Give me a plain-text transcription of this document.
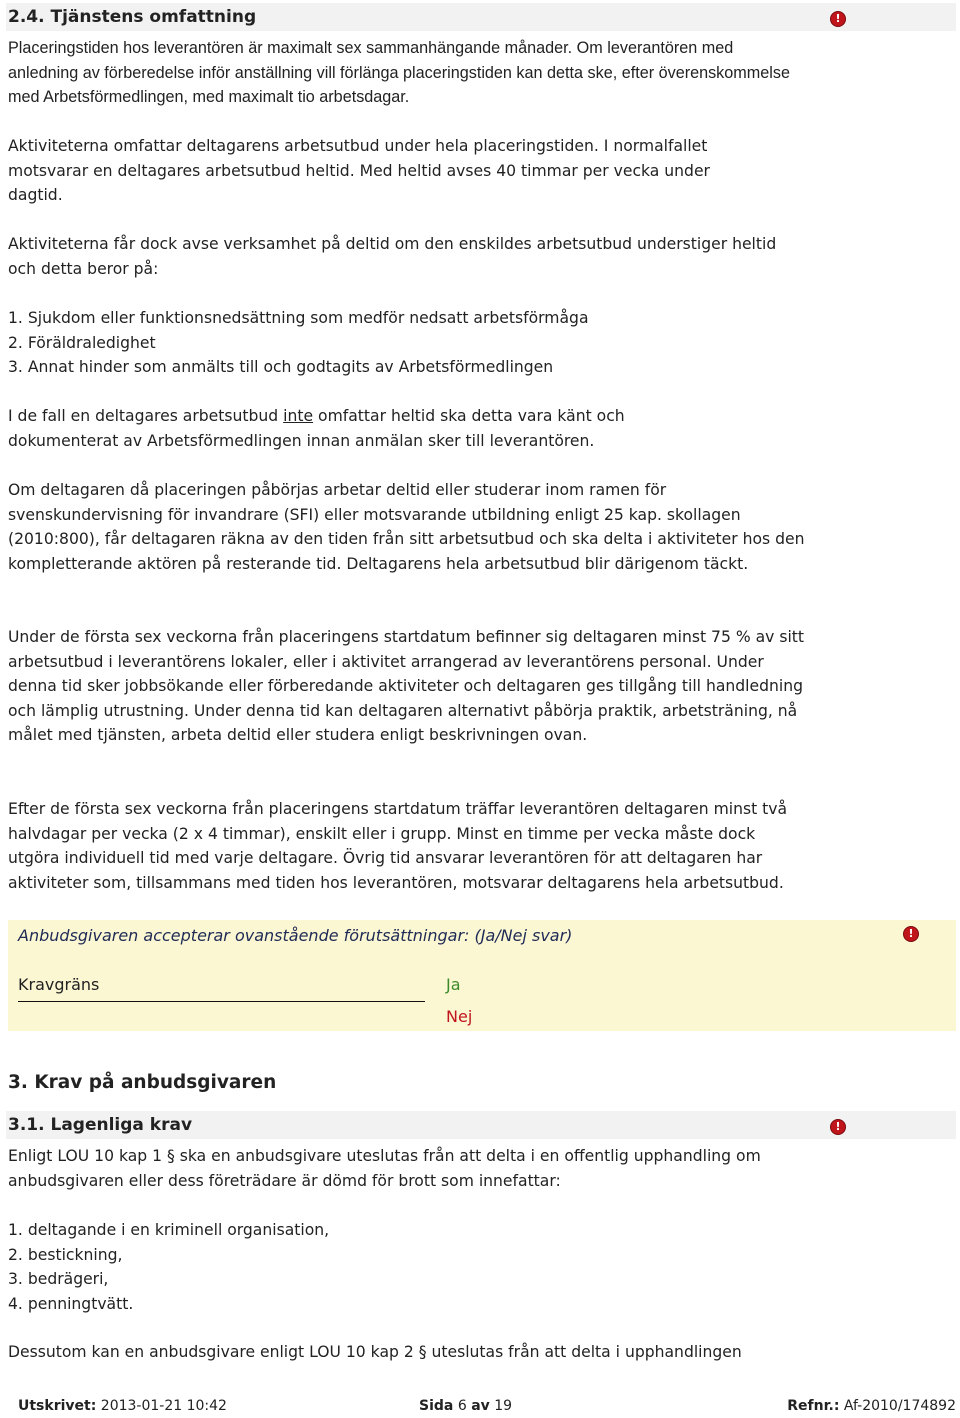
2.4. Tjänstens omfattning	!

Placeringstiden hos leverantören är maximalt sex sammanhängande månader. Om leverantören med anledning av förberedelse inför anställning vill förlänga placeringstiden kan detta ske, efter överenskommelse med Arbetsförmedlingen, med maximalt tio arbetsdagar.

Aktiviteterna omfattar deltagarens arbetsutbud under hela placeringstiden. I normalfallet motsvarar en deltagares arbetsutbud heltid. Med heltid avses 40 timmar per vecka under dagtid.

Aktiviteterna får dock avse verksamhet på deltid om den enskildes arbetsutbud understiger heltid och detta beror på:

1. Sjukdom eller funktionsnedsättning som medför nedsatt arbetsförmåga
2. Föräldraledighet
3. Annat hinder som anmälts till och godtagits av Arbetsförmedlingen

I de fall en deltagares arbetsutbud inte omfattar heltid ska detta vara känt och dokumenterat av Arbetsförmedlingen innan anmälan sker till leverantören.

Om deltagaren då placeringen påbörjas arbetar deltid eller studerar inom ramen för svenskundervisning för invandrare (SFI) eller motsvarande utbildning enligt 25 kap. skollagen (2010:800), får deltagaren räkna av den tiden från sitt arbetsutbud och ska delta i aktiviteter hos den kompletterande aktören på resterande tid. Deltagarens hela arbetsutbud blir därigenom täckt.

Under de första sex veckorna från placeringens startdatum befinner sig deltagaren minst 75 % av sitt arbetsutbud i leverantörens lokaler, eller i aktivitet arrangerad av leverantörens personal. Under denna tid sker jobbsökande eller förberedande aktiviteter och deltagaren ges tillgång till handledning och lämplig utrustning. Under denna tid kan deltagaren alternativt påbörja praktik, arbetsträning, nå målet med tjänsten, arbeta deltid eller studera enligt beskrivningen ovan.

Efter de första sex veckorna från placeringens startdatum träffar leverantören deltagaren minst två halvdagar per vecka (2 x 4 timmar), enskilt eller i grupp. Minst en timme per vecka måste dock utgöra individuell tid med varje deltagare. Övrig tid ansvarar leverantören för att deltagaren har aktiviteter som, tillsammans med tiden hos leverantören, motsvarar deltagarens hela arbetsutbud.

!
Anbudsgivaren accepterar ovanstående förutsättningar: (Ja/Nej svar)
Kravgräns	Ja
Nej
3. Krav på anbudsgivaren
3.1. Lagenliga krav	!

Enligt LOU 10 kap 1 § ska en anbudsgivare uteslutas från att delta i en offentlig upphandling om anbudsgivaren eller dess företrädare är dömd för brott som innefattar:

1. deltagande i en kriminell organisation,
2. bestickning,
3. bedrägeri,
4. penningtvätt.

Dessutom kan en anbudsgivare enligt LOU 10 kap 2 § uteslutas från att delta i upphandlingen

Utskrivet: 2013-01-21 10:42	Sida 6 av 19	Refnr.: Af-2010/174892
